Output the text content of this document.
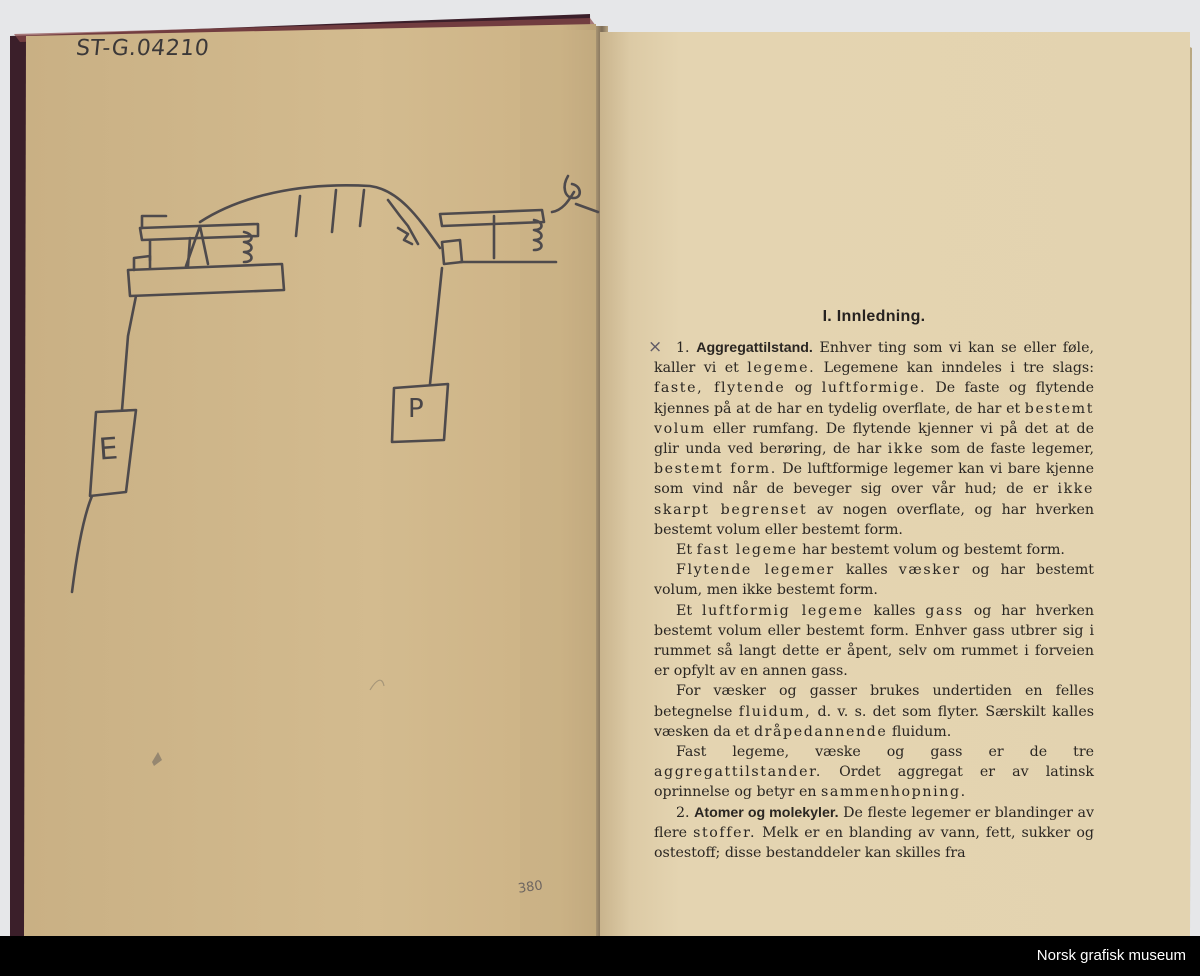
E
P
ST-G.04210
380
I. Innledning.
× 1. Aggregattilstand. Enhver ting som vi kan se eller føle, kaller vi et legeme. Legemene kan inndeles i tre slags: faste, flytende og luftformige. De faste og flytende kjennes på at de har en tydelig overflate, de har et bestemt volum eller rumfang. De flytende kjenner vi på det at de glir unda ved berøring, de har ikke som de faste legemer, bestemt form. De luftformige legemer kan vi bare kjenne som vind når de beveger sig over vår hud; de er ikke skarpt begrenset av nogen overflate, og har hverken bestemt volum eller bestemt form.

Et fast legeme har bestemt volum og bestemt form.

Flytende legemer kalles væsker og har bestemt volum, men ikke bestemt form.

Et luftformig legeme kalles gass og har hverken bestemt volum eller bestemt form. Enhver gass utbrer sig i rummet så langt dette er åpent, selv om rummet i forveien er opfylt av en annen gass.

For væsker og gasser brukes undertiden en felles betegnelse fluidum, d. v. s. det som flyter. Særskilt kalles væsken da et dråpedannende fluidum.

Fast legeme, væske og gass er de tre aggregattilstander. Ordet aggregat er av latinsk oprinnelse og betyr en sammenhopning.

2. Atomer og molekyler. De fleste legemer er blandinger av flere stoffer. Melk er en blanding av vann, fett, sukker og ostestoff; disse bestanddeler kan skilles fra

Norsk grafisk museum
